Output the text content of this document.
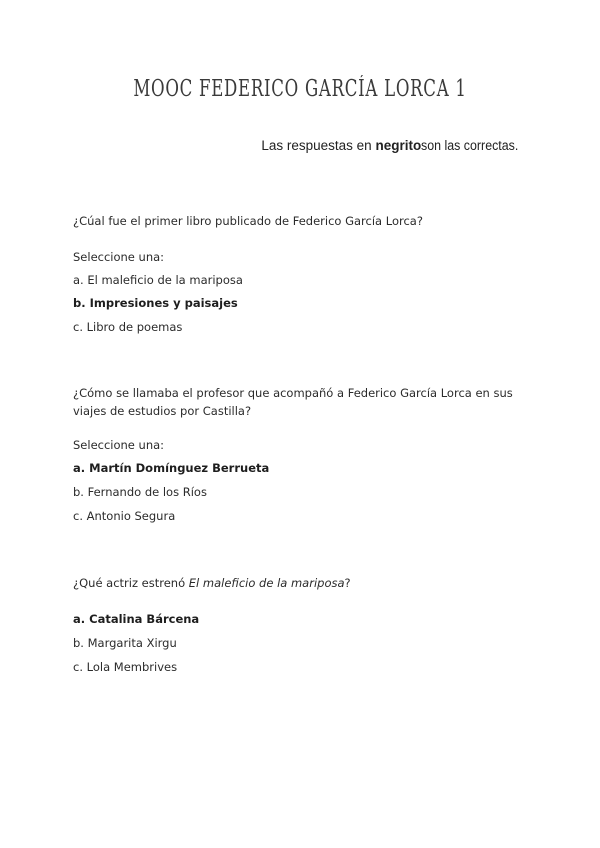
MOOC FEDERICO GARCÍA LORCA 1
Las respuestas en negritoson las correctas.
¿Cúal fue el primer libro publicado de Federico García Lorca?
Seleccione una:
a. El maleficio de la mariposa
b. Impresiones y paisajes
c. Libro de poemas
¿Cómo se llamaba el profesor que acompañó a Federico García Lorca en sus viajes de estudios por Castilla?
Seleccione una:
a. Martín Domínguez Berrueta
b. Fernando de los Ríos
c. Antonio Segura
¿Qué actriz estrenó El maleficio de la mariposa?
a. Catalina Bárcena
b. Margarita Xirgu
c. Lola Membrives
